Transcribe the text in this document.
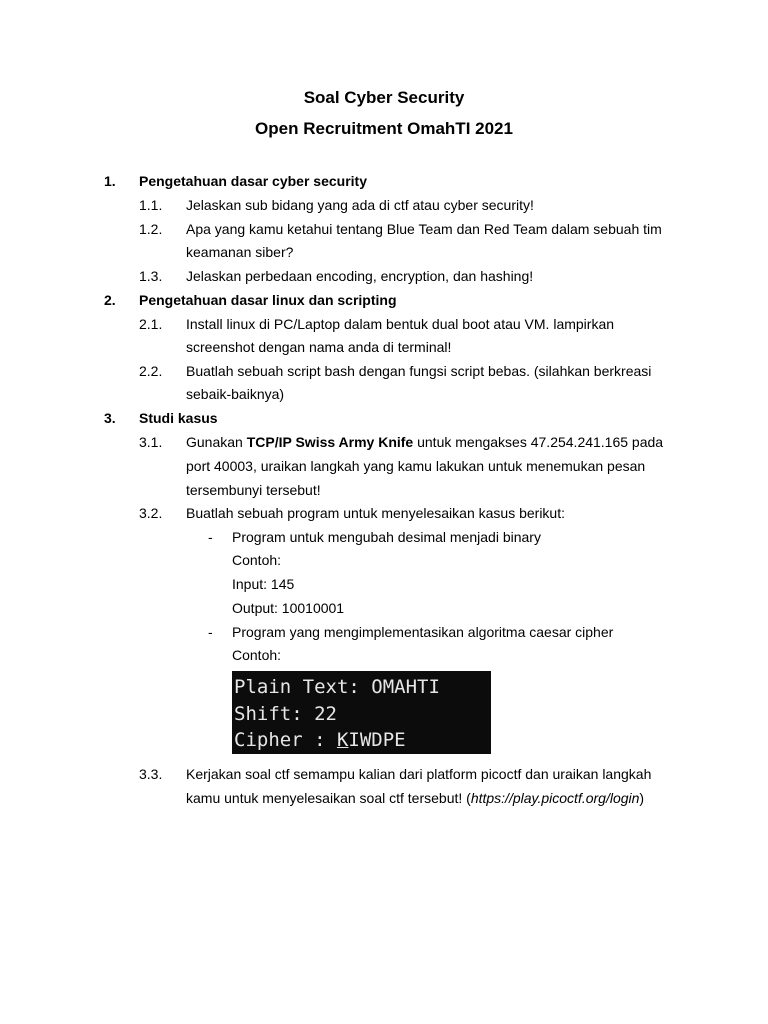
Soal Cyber Security
Open Recruitment OmahTI 2021
1. Pengetahuan dasar cyber security
1.1. Jelaskan sub bidang yang ada di ctf atau cyber security!
1.2. Apa yang kamu ketahui tentang Blue Team dan Red Team dalam sebuah tim
keamanan siber?
1.3. Jelaskan perbedaan encoding, encryption, dan hashing!
2. Pengetahuan dasar linux dan scripting
2.1. Install linux di PC/Laptop dalam bentuk dual boot atau VM. lampirkan
screenshot dengan nama anda di terminal!
2.2. Buatlah sebuah script bash dengan fungsi script bebas. (silahkan berkreasi
sebaik-baiknya)
3. Studi kasus
3.1. Gunakan TCP/IP Swiss Army Knife untuk mengakses 47.254.241.165 pada
port 40003, uraikan langkah yang kamu lakukan untuk menemukan pesan
tersembunyi tersebut!
3.2. Buatlah sebuah program untuk menyelesaikan kasus berikut:
- Program untuk mengubah desimal menjadi binary
Contoh:
Input: 145
Output: 10010001
- Program yang mengimplementasikan algoritma caesar cipher
Contoh:
Plain Text: OMAHTI
Shift: 22
Cipher : KIWDPE
3.3. Kerjakan soal ctf semampu kalian dari platform picoctf dan uraikan langkah
kamu untuk menyelesaikan soal ctf tersebut! (https://play.picoctf.org/login)
